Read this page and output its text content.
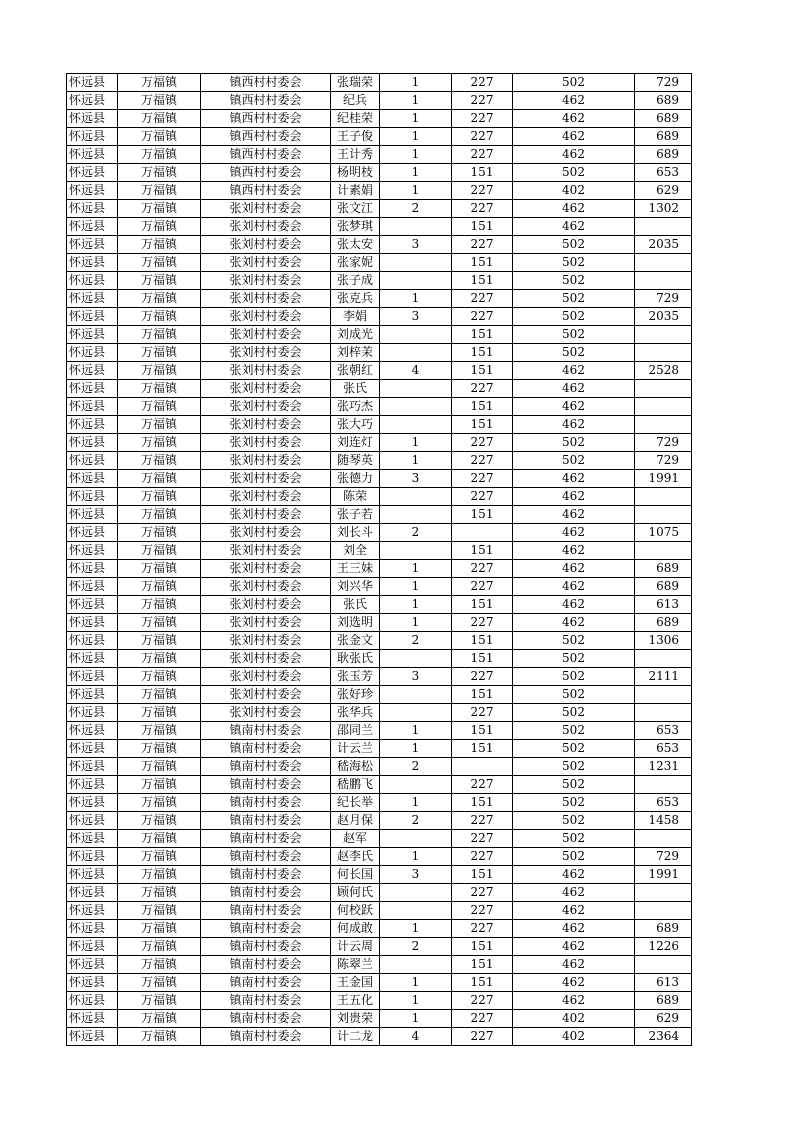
怀远县	万福镇	镇西村村委会	张瑞荣	1	227	502	729
怀远县	万福镇	镇西村村委会	纪兵	1	227	462	689
怀远县	万福镇	镇西村村委会	纪桂荣	1	227	462	689
怀远县	万福镇	镇西村村委会	王子俊	1	227	462	689
怀远县	万福镇	镇西村村委会	王计秀	1	227	462	689
怀远县	万福镇	镇西村村委会	杨明枝	1	151	502	653
怀远县	万福镇	镇西村村委会	计素娟	1	227	402	629
怀远县	万福镇	张刘村村委会	张文江	2	227	462	1302
怀远县	万福镇	张刘村村委会	张梦琪		151	462	
怀远县	万福镇	张刘村村委会	张太安	3	227	502	2035
怀远县	万福镇	张刘村村委会	张家妮		151	502	
怀远县	万福镇	张刘村村委会	张子成		151	502	
怀远县	万福镇	张刘村村委会	张克兵	1	227	502	729
怀远县	万福镇	张刘村村委会	李娟	3	227	502	2035
怀远县	万福镇	张刘村村委会	刘成光		151	502	
怀远县	万福镇	张刘村村委会	刘梓茉		151	502	
怀远县	万福镇	张刘村村委会	张朝红	4	151	462	2528
怀远县	万福镇	张刘村村委会	张氏		227	462	
怀远县	万福镇	张刘村村委会	张巧杰		151	462	
怀远县	万福镇	张刘村村委会	张大巧		151	462	
怀远县	万福镇	张刘村村委会	刘连灯	1	227	502	729
怀远县	万福镇	张刘村村委会	随琴英	1	227	502	729
怀远县	万福镇	张刘村村委会	张德力	3	227	462	1991
怀远县	万福镇	张刘村村委会	陈荣		227	462	
怀远县	万福镇	张刘村村委会	张子若		151	462	
怀远县	万福镇	张刘村村委会	刘长斗	2		462	1075
怀远县	万福镇	张刘村村委会	刘全		151	462	
怀远县	万福镇	张刘村村委会	王三妹	1	227	462	689
怀远县	万福镇	张刘村村委会	刘兴华	1	227	462	689
怀远县	万福镇	张刘村村委会	张氏	1	151	462	613
怀远县	万福镇	张刘村村委会	刘选明	1	227	462	689
怀远县	万福镇	张刘村村委会	张金文	2	151	502	1306
怀远县	万福镇	张刘村村委会	耿张氏		151	502	
怀远县	万福镇	张刘村村委会	张玉芳	3	227	502	2111
怀远县	万福镇	张刘村村委会	张好珍		151	502	
怀远县	万福镇	张刘村村委会	张华兵		227	502	
怀远县	万福镇	镇南村村委会	邵同兰	1	151	502	653
怀远县	万福镇	镇南村村委会	计云兰	1	151	502	653
怀远县	万福镇	镇南村村委会	嵇海松	2		502	1231
怀远县	万福镇	镇南村村委会	嵇鹏飞		227	502	
怀远县	万福镇	镇南村村委会	纪长举	1	151	502	653
怀远县	万福镇	镇南村村委会	赵月保	2	227	502	1458
怀远县	万福镇	镇南村村委会	赵军		227	502	
怀远县	万福镇	镇南村村委会	赵李氏	1	227	502	729
怀远县	万福镇	镇南村村委会	何长国	3	151	462	1991
怀远县	万福镇	镇南村村委会	顾何氏		227	462	
怀远县	万福镇	镇南村村委会	何校跃		227	462	
怀远县	万福镇	镇南村村委会	何成敢	1	227	462	689
怀远县	万福镇	镇南村村委会	计云周	2	151	462	1226
怀远县	万福镇	镇南村村委会	陈翠兰		151	462	
怀远县	万福镇	镇南村村委会	王金国	1	151	462	613
怀远县	万福镇	镇南村村委会	王五化	1	227	462	689
怀远县	万福镇	镇南村村委会	刘贵荣	1	227	402	629
怀远县	万福镇	镇南村村委会	计二龙	4	227	402	2364
